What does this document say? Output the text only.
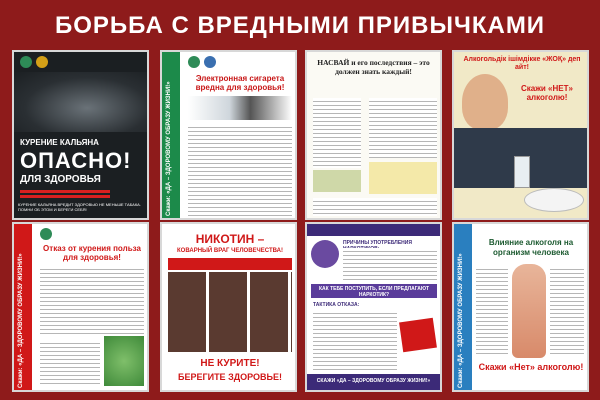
БОРЬБА С ВРЕДНЫМИ ПРИВЫЧКАМИ
КУРЕНИЕ КАЛЬЯНА
ОПАСНО!
ДЛЯ ЗДОРОВЬЯ
КУРЕНИЕ КАЛЬЯНА ВРЕДИТ ЗДОРОВЬЮ НЕ МЕНЬШЕ ТАБАКА. ПОМНИ ОБ ЭТОМ И БЕРЕГИ СЕБЯ!	Скажи: «ДА – ЗДОРОВОМУ ОБРАЗУ ЖИЗНИ!»
Электронная сигарета вредна для здоровья!
НАСВАЙ и его последствия – это должен знать каждый!
Алкогольдік ішімдікке «ЖОҚ» деп айт!
Скажи «НЕТ» алкоголю!
Скажи: «ДА – ЗДОРОВОМУ ОБРАЗУ ЖИЗНИ!»
Отказ от курения польза для здоровья!
НИКОТИН –
КОВАРНЫЙ ВРАГ ЧЕЛОВЕЧЕСТВА!
НЕ КУРИТЕ!
БЕРЕГИТЕ ЗДОРОВЬЕ!
ПРИЧИНЫ УПОТРЕБЛЕНИЯ
КАК ТЕБЕ ПОСТУПИТЬ, ЕСЛИ ПРЕДЛАГАЮТ НАРКОТИК?
ТАКТИКА ОТКАЗА:
СКАЖИ «ДА – ЗДОРОВОМУ ОБРАЗУ ЖИЗНИ!»	Скажи: «ДА – ЗДОРОВОМУ ОБРАЗУ ЖИЗНИ!»
Влияние алкоголя на организм человека
Скажи «Нет» алкоголю!
